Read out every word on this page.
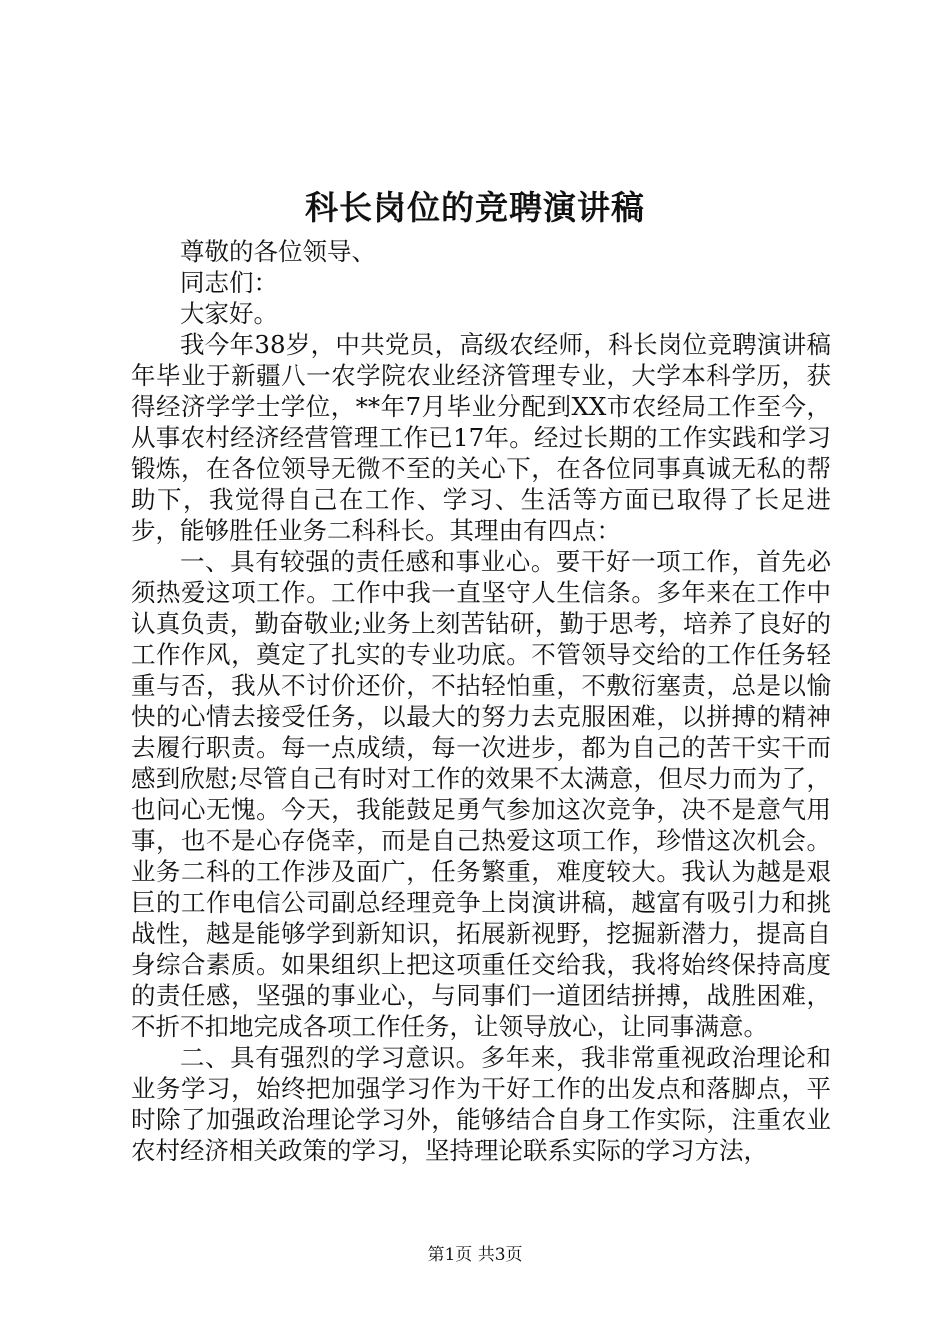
科长岗位的竞聘演讲稿

尊敬的各位领导、

同志们：

大家好。

我今年38岁，中共党员，高级农经师，科长岗位竞聘演讲稿年毕业于新疆八一农学院农业经济管理专业，大学本科学历，获得经济学学士学位，**年7月毕业分配到XX市农经局工作至今，从事农村经济经营管理工作已17年。经过长期的工作实践和学习锻炼，在各位领导无微不至的关心下，在各位同事真诚无私的帮助下，我觉得自己在工作、学习、生活等方面已取得了长足进步，能够胜任业务二科科长。其理由有四点：

一、具有较强的责任感和事业心。要干好一项工作，首先必须热爱这项工作。工作中我一直坚守人生信条。多年来在工作中认真负责，勤奋敬业;业务上刻苦钻研，勤于思考，培养了良好的工作作风，奠定了扎实的专业功底。不管领导交给的工作任务轻重与否，我从不讨价还价，不拈轻怕重，不敷衍塞责，总是以愉快的心情去接受任务，以最大的努力去克服困难，以拼搏的精神去履行职责。每一点成绩，每一次进步，都为自己的苦干实干而感到欣慰;尽管自己有时对工作的效果不太满意，但尽力而为了，也问心无愧。今天，我能鼓足勇气参加这次竞争，决不是意气用事，也不是心存侥幸，而是自己热爱这项工作，珍惜这次机会。业务二科的工作涉及面广，任务繁重，难度较大。我认为越是艰巨的工作电信公司副总经理竞争上岗演讲稿，越富有吸引力和挑战性，越是能够学到新知识，拓展新视野，挖掘新潜力，提高自身综合素质。如果组织上把这项重任交给我，我将始终保持高度的责任感，坚强的事业心，与同事们一道团结拼搏，战胜困难，不折不扣地完成各项工作任务，让领导放心，让同事满意。

二、具有强烈的学习意识。多年来，我非常重视政治理论和业务学习，始终把加强学习作为干好工作的出发点和落脚点，平时除了加强政治理论学习外，能够结合自身工作实际，注重农业农村经济相关政策的学习，坚持理论联系实际的学习方法，

第1页 共3页
